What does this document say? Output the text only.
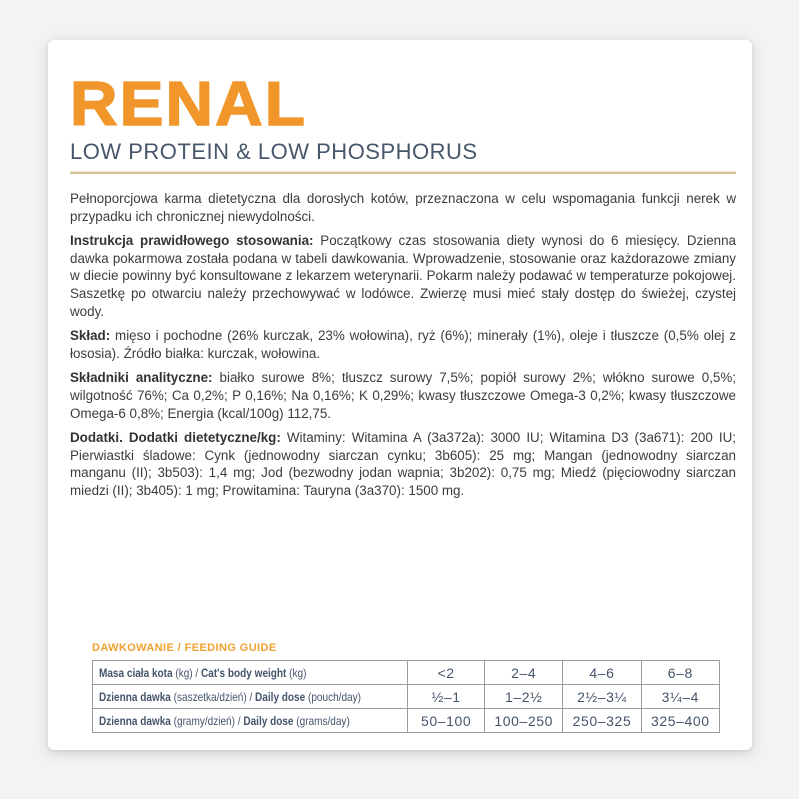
RENAL
LOW PROTEIN & LOW PHOSPHORUS

Pełnoporcjowa karma dietetyczna dla dorosłych kotów, przeznaczona w celu wspomagania funkcji nerek w przypadku ich chronicznej niewydolności.

Instrukcja prawidłowego stosowania: Początkowy czas stosowania diety wynosi do 6 miesięcy. Dzienna dawka pokarmowa została podana w tabeli dawkowania. Wprowadzenie, stosowanie oraz każdorazowe zmiany w diecie powinny być konsultowane z lekarzem weterynarii. Pokarm należy podawać w temperaturze pokojowej. Saszetkę po otwarciu należy przechowywać w lodówce. Zwierzę musi mieć stały dostęp do świeżej, czystej wody.

Skład: mięso i pochodne (26% kurczak, 23% wołowina), ryż (6%); minerały (1%), oleje i tłuszcze (0,5% olej z łososia). Źródło białka: kurczak, wołowina.

Składniki analityczne: białko surowe 8%; tłuszcz surowy 7,5%; popiół surowy 2%; włókno surowe 0,5%; wilgotność 76%; Ca 0,2%; P 0,16%; Na 0,16%; K 0,29%; kwasy tłuszczowe Omega-3 0,2%; kwasy tłuszczowe Omega-6 0,8%; Energia (kcal/100g) 112,75.

Dodatki. Dodatki dietetyczne/kg: Witaminy: Witamina A (3a372a): 3000 IU; Witamina D3 (3a671): 200 IU; Pierwiastki śladowe: Cynk (jednowodny siarczan cynku; 3b605): 25 mg; Mangan (jednowodny siarczan manganu (II); 3b503): 1,4 mg; Jod (bezwodny jodan wapnia; 3b202): 0,75 mg; Miedź (pięciowodny siarczan miedzi (II); 3b405): 1 mg; Prowitamina: Tauryna (3a370): 1500 mg.

DAWKOWANIE / FEEDING GUIDE
Masa ciała kota (kg) / Cat's body weight (kg)	<2	2–4	4–6	6–8
Dzienna dawka (saszetka/dzień) / Daily dose (pouch/day)	½–1	1–2½	2½–3¼	3¼–4
Dzienna dawka (gramy/dzień) / Daily dose (grams/day)	50–100	100–250	250–325	325–400
